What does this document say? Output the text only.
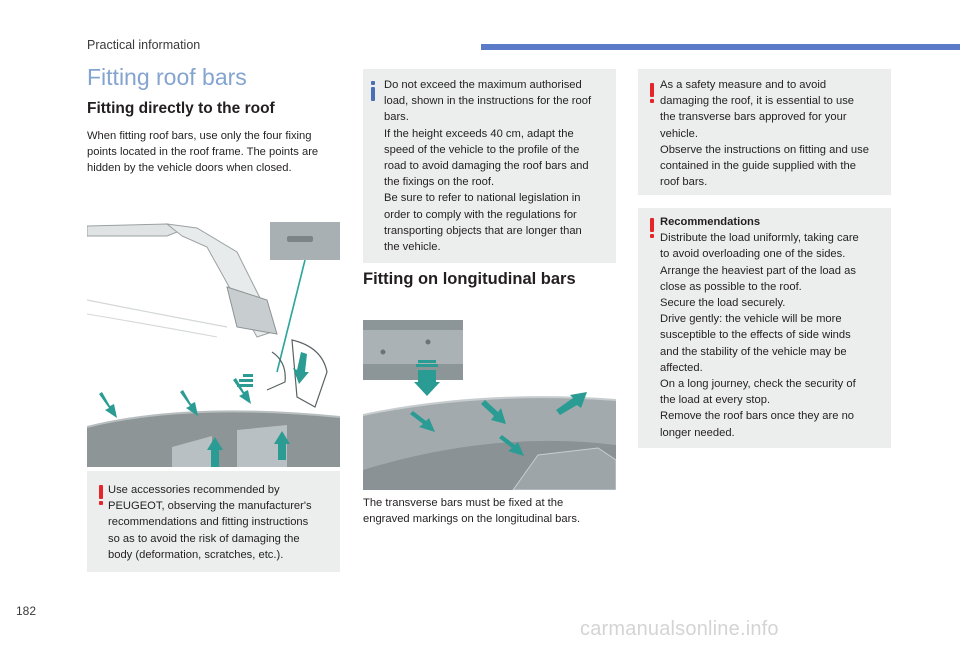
Practical information
Fitting roof bars
Fitting directly to the roof
When fitting roof bars, use only the four fixing
points located in the roof frame. The points are
hidden by the vehicle doors when closed.

Use accessories recommended by

PEUGEOT, observing the manufacturer's

recommendations and fitting instructions

so as to avoid the risk of damaging the

body (deformation, scratches, etc.).

Do not exceed the maximum authorised

load, shown in the instructions for the roof

bars.

If the height exceeds 40 cm, adapt the

speed of the vehicle to the profile of the

road to avoid damaging the roof bars and

the fixings on the roof.

Be sure to refer to national legislation in

order to comply with the regulations for

transporting objects that are longer than

the vehicle.

Fitting on longitudinal bars
The transverse bars must be fixed at the
engraved markings on the longitudinal bars.

As a safety measure and to avoid

damaging the roof, it is essential to use

the transverse bars approved for your

vehicle.

Observe the instructions on fitting and use

contained in the guide supplied with the

roof bars.

Recommendations

Distribute the load uniformly, taking care

to avoid overloading one of the sides.

Arrange the heaviest part of the load as

close as possible to the roof.

Secure the load securely.

Drive gently: the vehicle will be more

susceptible to the effects of side winds

and the stability of the vehicle may be

affected.

On a long journey, check the security of

the load at every stop.

Remove the roof bars once they are no

longer needed.

182
carmanualsonline.info
